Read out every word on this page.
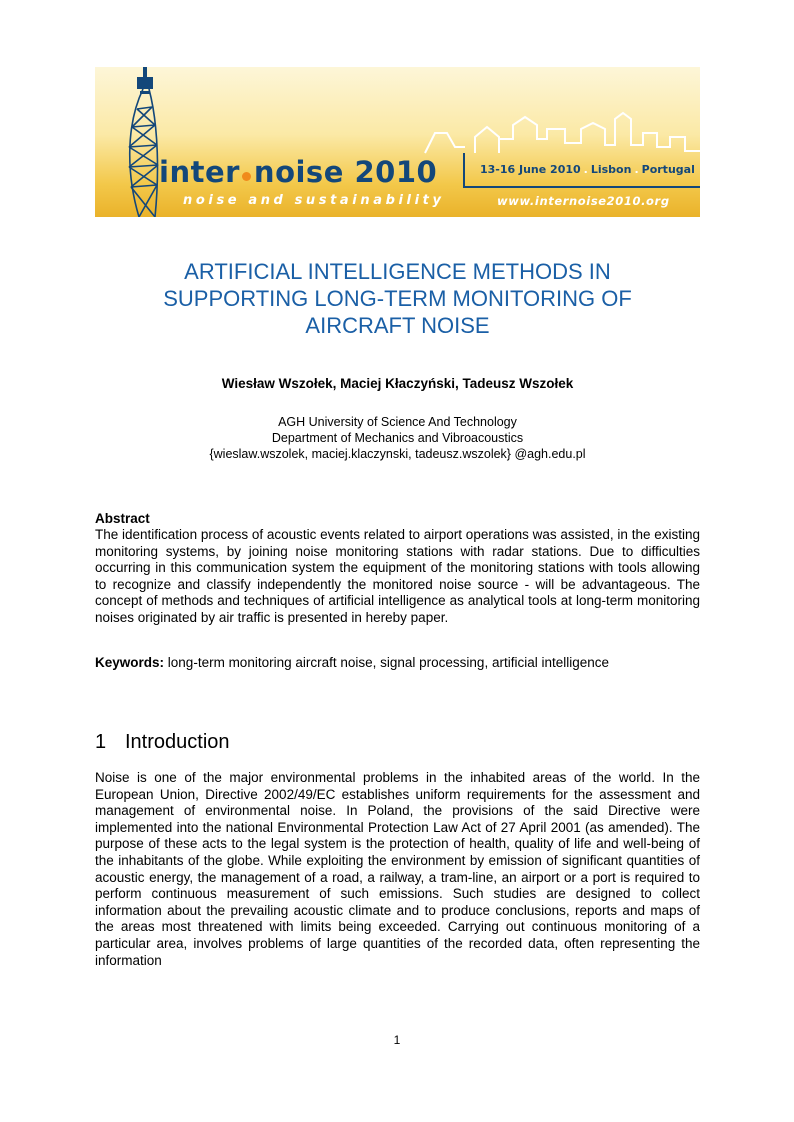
inter noise 2010	13-16 June 2010 . Lisbon . Portugal

noise and sustainability	www.internoise2010.org

ARTIFICIAL INTELLIGENCE METHODS IN
SUPPORTING LONG-TERM MONITORING OF
AIRCRAFT NOISE

Wiesław Wszołek, Maciej Kłaczyński, Tadeusz Wszołek

AGH University of Science And Technology
Department of Mechanics and Vibroacoustics
{wieslaw.wszolek, maciej.klaczynski, tadeusz.wszolek} @agh.edu.pl

Abstract

The identification process of acoustic events related to airport operations was assisted, in the existing monitoring systems, by joining noise monitoring stations with radar stations. Due to difficulties occurring in this communication system the equipment of the monitoring stations with tools allowing to recognize and classify independently the monitored noise source - will be advantageous. The concept of methods and techniques of artificial intelligence as analytical tools at long-term monitoring noises originated by air traffic is presented in hereby paper.

Keywords: long-term monitoring aircraft noise, signal processing, artificial intelligence

1 Introduction

Noise is one of the major environmental problems in the inhabited areas of the world. In the European Union, Directive 2002/49/EC establishes uniform requirements for the assessment and management of environmental noise. In Poland, the provisions of the said Directive were implemented into the national Environmental Protection Law Act of 27 April 2001 (as amended). The purpose of these acts to the legal system is the protection of health, quality of life and well-being of the inhabitants of the globe. While exploiting the environment by emission of significant quantities of acoustic energy, the management of a road, a railway, a tram-line, an airport or a port is required to perform continuous measurement of such emissions. Such studies are designed to collect information about the prevailing acoustic climate and to produce conclusions, reports and maps of the areas most threatened with limits being exceeded. Carrying out continuous monitoring of a particular area, involves problems of large quantities of the recorded data, often representing the information

1
